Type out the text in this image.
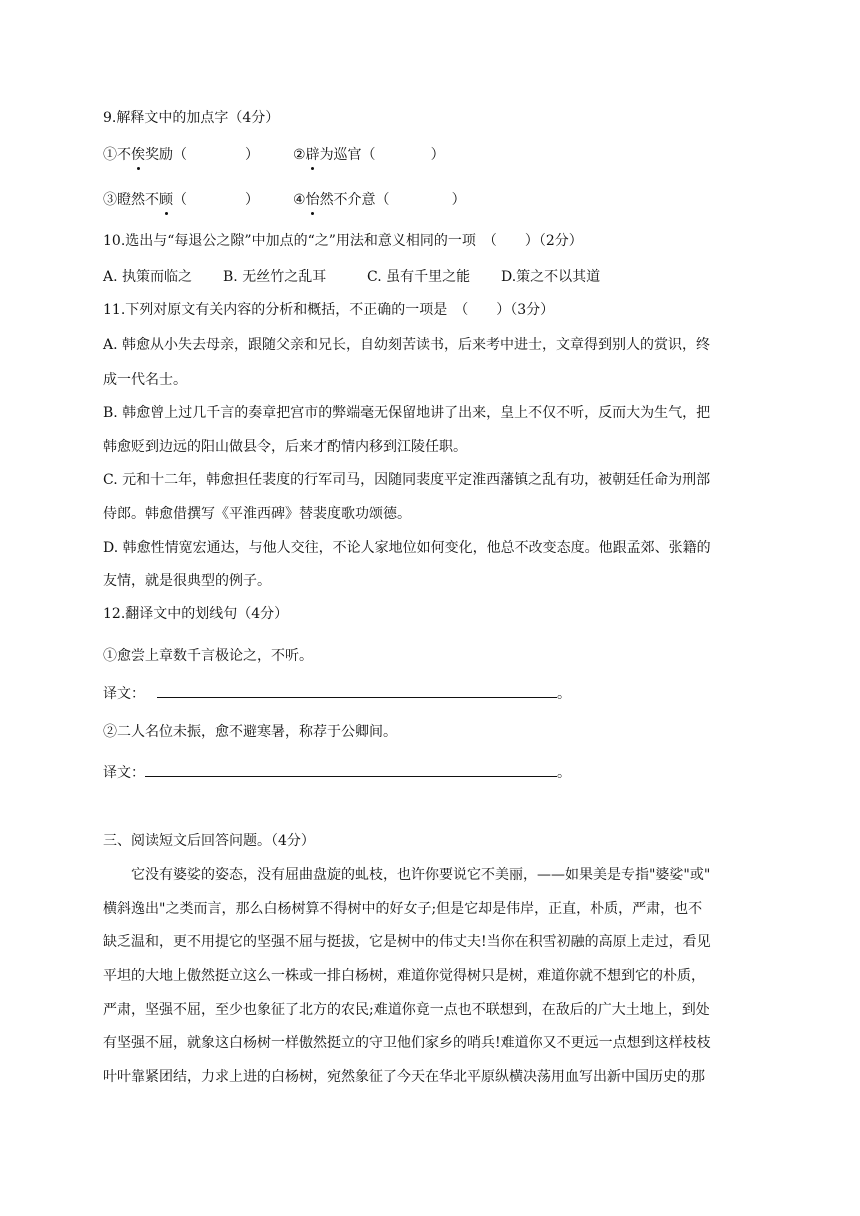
9.解释文中的加点字（4分）
①不俟奖励（	） ②辟为巡官（	）
③瞪然不顾（	） ④怡然不介意（	）
10.选出与“每退公之隙”中加点的“之”用法和意义相同的一项　（　　）（2分）
A. 执策而临之 B. 无丝竹之乱耳	C. 虽有千里之能 D.策之不以其道
11.下列对原文有关内容的分析和概括，不正确的一项是　（　　）（3分）
A. 韩愈从小失去母亲，跟随父亲和兄长，自幼刻苦读书，后来考中进士，文章得到别人的赏识，终
成一代名士。
B. 韩愈曾上过几千言的奏章把宫市的弊端毫无保留地讲了出来，皇上不仅不听，反而大为生气，把
韩愈贬到边远的阳山做县令，后来才酌情内移到江陵任职。
C. 元和十二年，韩愈担任裴度的行军司马，因随同裴度平定淮西藩镇之乱有功，被朝廷任命为刑部
侍郎。韩愈借撰写《平淮西碑》替裴度歌功颂德。
D. 韩愈性情宽宏通达，与他人交往，不论人家地位如何变化，他总不改变态度。他跟孟郊、张籍的
友情，就是很典型的例子。
12.翻译文中的划线句（4分）
①愈尝上章数千言极论之，不听。
译文：	。
②二人名位未振，愈不避寒暑，称荐于公卿间。
译文：	。
三、阅读短文后回答问题。（4分）
它没有婆娑的姿态，没有屈曲盘旋的虬枝，也许你要说它不美丽，——如果美是专指"婆娑"或"
横斜逸出"之类而言，那么白杨树算不得树中的好女子;但是它却是伟岸，正直，朴质，严肃，也不
缺乏温和，更不用提它的坚强不屈与挺拔，它是树中的伟丈夫!当你在积雪初融的高原上走过，看见
平坦的大地上傲然挺立这么一株或一排白杨树，难道你觉得树只是树，难道你就不想到它的朴质，
严肃，坚强不屈，至少也象征了北方的农民;难道你竟一点也不联想到，在敌后的广大土地上，到处
有坚强不屈，就象这白杨树一样傲然挺立的守卫他们家乡的哨兵!难道你又不更远一点想到这样枝枝
叶叶靠紧团结，力求上进的白杨树，宛然象征了今天在华北平原纵横决荡用血写出新中国历史的那
